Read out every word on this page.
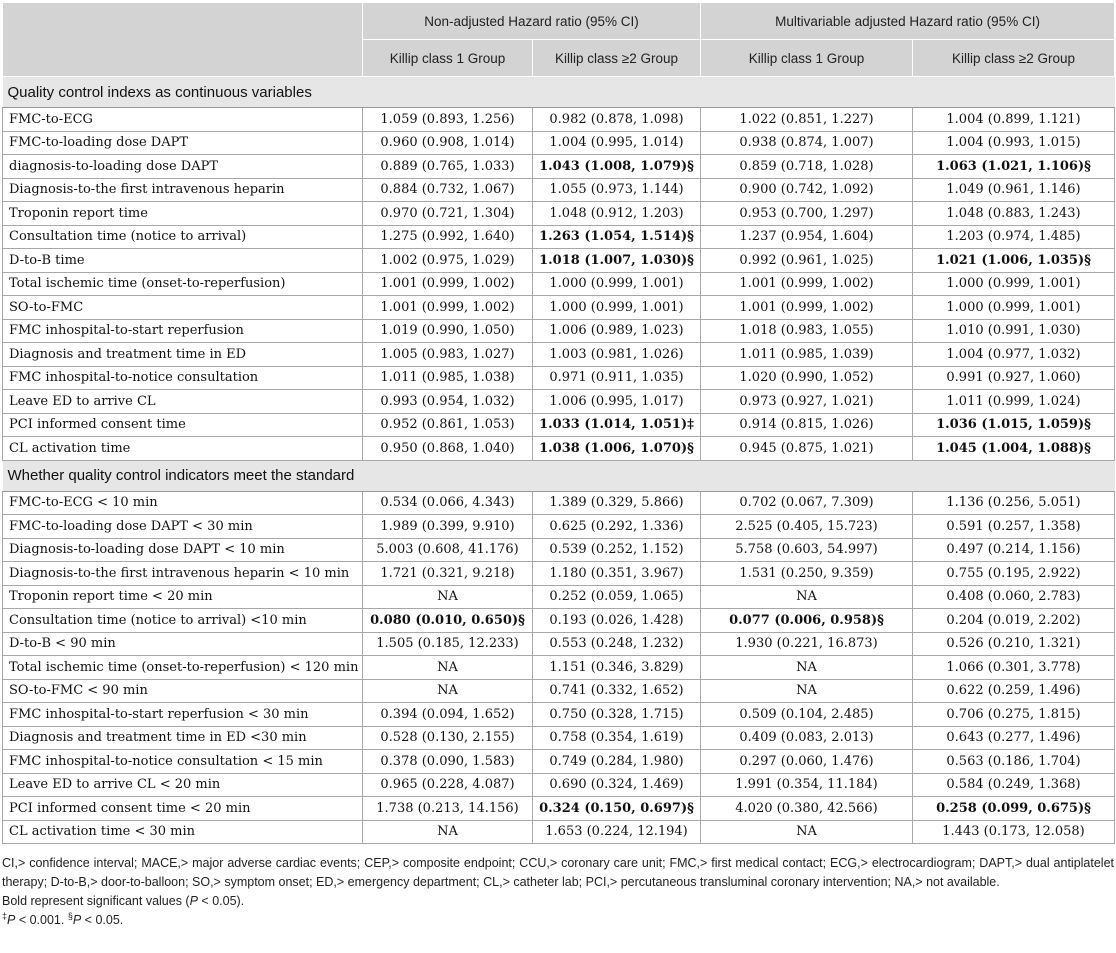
	Non-adjusted Hazard ratio (95% CI)		Multivariable adjusted Hazard ratio (95% CI)	
	Killip class 1 Group	Killip class ≥2 Group	Killip class 1 Group	Killip class ≥2 Group
Quality control indexs as continuous variables				
FMC-to-ECG	1.059 (0.893, 1.256)	0.982 (0.878, 1.098)	1.022 (0.851, 1.227)	1.004 (0.899, 1.121)
FMC-to-loading dose DAPT	0.960 (0.908, 1.014)	1.004 (0.995, 1.014)	0.938 (0.874, 1.007)	1.004 (0.993, 1.015)
diagnosis-to-loading dose DAPT	0.889 (0.765, 1.033)	1.043 (1.008, 1.079)§	0.859 (0.718, 1.028)	1.063 (1.021, 1.106)§
Diagnosis-to-the first intravenous heparin	0.884 (0.732, 1.067)	1.055 (0.973, 1.144)	0.900 (0.742, 1.092)	1.049 (0.961, 1.146)
Troponin report time	0.970 (0.721, 1.304)	1.048 (0.912, 1.203)	0.953 (0.700, 1.297)	1.048 (0.883, 1.243)
Consultation time (notice to arrival)	1.275 (0.992, 1.640)	1.263 (1.054, 1.514)§	1.237 (0.954, 1.604)	1.203 (0.974, 1.485)
D-to-B time	1.002 (0.975, 1.029)	1.018 (1.007, 1.030)§	0.992 (0.961, 1.025)	1.021 (1.006, 1.035)§
Total ischemic time (onset-to-reperfusion)	1.001 (0.999, 1.002)	1.000 (0.999, 1.001)	1.001 (0.999, 1.002)	1.000 (0.999, 1.001)
SO-to-FMC	1.001 (0.999, 1.002)	1.000 (0.999, 1.001)	1.001 (0.999, 1.002)	1.000 (0.999, 1.001)
FMC inhospital-to-start reperfusion	1.019 (0.990, 1.050)	1.006 (0.989, 1.023)	1.018 (0.983, 1.055)	1.010 (0.991, 1.030)
Diagnosis and treatment time in ED	1.005 (0.983, 1.027)	1.003 (0.981, 1.026)	1.011 (0.985, 1.039)	1.004 (0.977, 1.032)
FMC inhospital-to-notice consultation	1.011 (0.985, 1.038)	0.971 (0.911, 1.035)	1.020 (0.990, 1.052)	0.991 (0.927, 1.060)
Leave ED to arrive CL	0.993 (0.954, 1.032)	1.006 (0.995, 1.017)	0.973 (0.927, 1.021)	1.011 (0.999, 1.024)
PCI informed consent time	0.952 (0.861, 1.053)	1.033 (1.014, 1.051)‡	0.914 (0.815, 1.026)	1.036 (1.015, 1.059)§
CL activation time	0.950 (0.868, 1.040)	1.038 (1.006, 1.070)§	0.945 (0.875, 1.021)	1.045 (1.004, 1.088)§
Whether quality control indicators meet the standard				
FMC-to-ECG < 10 min	0.534 (0.066, 4.343)	1.389 (0.329, 5.866)	0.702 (0.067, 7.309)	1.136 (0.256, 5.051)
FMC-to-loading dose DAPT < 30 min	1.989 (0.399, 9.910)	0.625 (0.292, 1.336)	2.525 (0.405, 15.723)	0.591 (0.257, 1.358)
Diagnosis-to-loading dose DAPT < 10 min	5.003 (0.608, 41.176)	0.539 (0.252, 1.152)	5.758 (0.603, 54.997)	0.497 (0.214, 1.156)
Diagnosis-to-the first intravenous heparin < 10 min	1.721 (0.321, 9.218)	1.180 (0.351, 3.967)	1.531 (0.250, 9.359)	0.755 (0.195, 2.922)
Troponin report time < 20 min	NA	0.252 (0.059, 1.065)	NA	0.408 (0.060, 2.783)
Consultation time (notice to arrival) <10 min	0.080 (0.010, 0.650)§	0.193 (0.026, 1.428)	0.077 (0.006, 0.958)§	0.204 (0.019, 2.202)
D-to-B < 90 min	1.505 (0.185, 12.233)	0.553 (0.248, 1.232)	1.930 (0.221, 16.873)	0.526 (0.210, 1.321)
Total ischemic time (onset-to-reperfusion) < 120 min	NA	1.151 (0.346, 3.829)	NA	1.066 (0.301, 3.778)
SO-to-FMC < 90 min	NA	0.741 (0.332, 1.652)	NA	0.622 (0.259, 1.496)
FMC inhospital-to-start reperfusion < 30 min	0.394 (0.094, 1.652)	0.750 (0.328, 1.715)	0.509 (0.104, 2.485)	0.706 (0.275, 1.815)
Diagnosis and treatment time in ED <30 min	0.528 (0.130, 2.155)	0.758 (0.354, 1.619)	0.409 (0.083, 2.013)	0.643 (0.277, 1.496)
FMC inhospital-to-notice consultation < 15 min	0.378 (0.090, 1.583)	0.749 (0.284, 1.980)	0.297 (0.060, 1.476)	0.563 (0.186, 1.704)
Leave ED to arrive CL < 20 min	0.965 (0.228, 4.087)	0.690 (0.324, 1.469)	1.991 (0.354, 11.184)	0.584 (0.249, 1.368)
PCI informed consent time < 20 min	1.738 (0.213, 14.156)	0.324 (0.150, 0.697)§	4.020 (0.380, 42.566)	0.258 (0.099, 0.675)§
CL activation time < 30 min	NA	1.653 (0.224, 12.194)	NA	1.443 (0.173, 12.058)

CI,> confidence interval; MACE,> major adverse cardiac events; CEP,> composite endpoint; CCU,> coronary care unit; FMC,> first medical contact; ECG,> electrocardiogram; DAPT,> dual antiplatelet therapy; D-to-B,> door-to-balloon; SO,> symptom onset; ED,> emergency department; CL,> catheter lab; PCI,> percutaneous transluminal coronary intervention; NA,> not available.

Bold represent significant values (P < 0.05).

‡P < 0.001. §P < 0.05.
